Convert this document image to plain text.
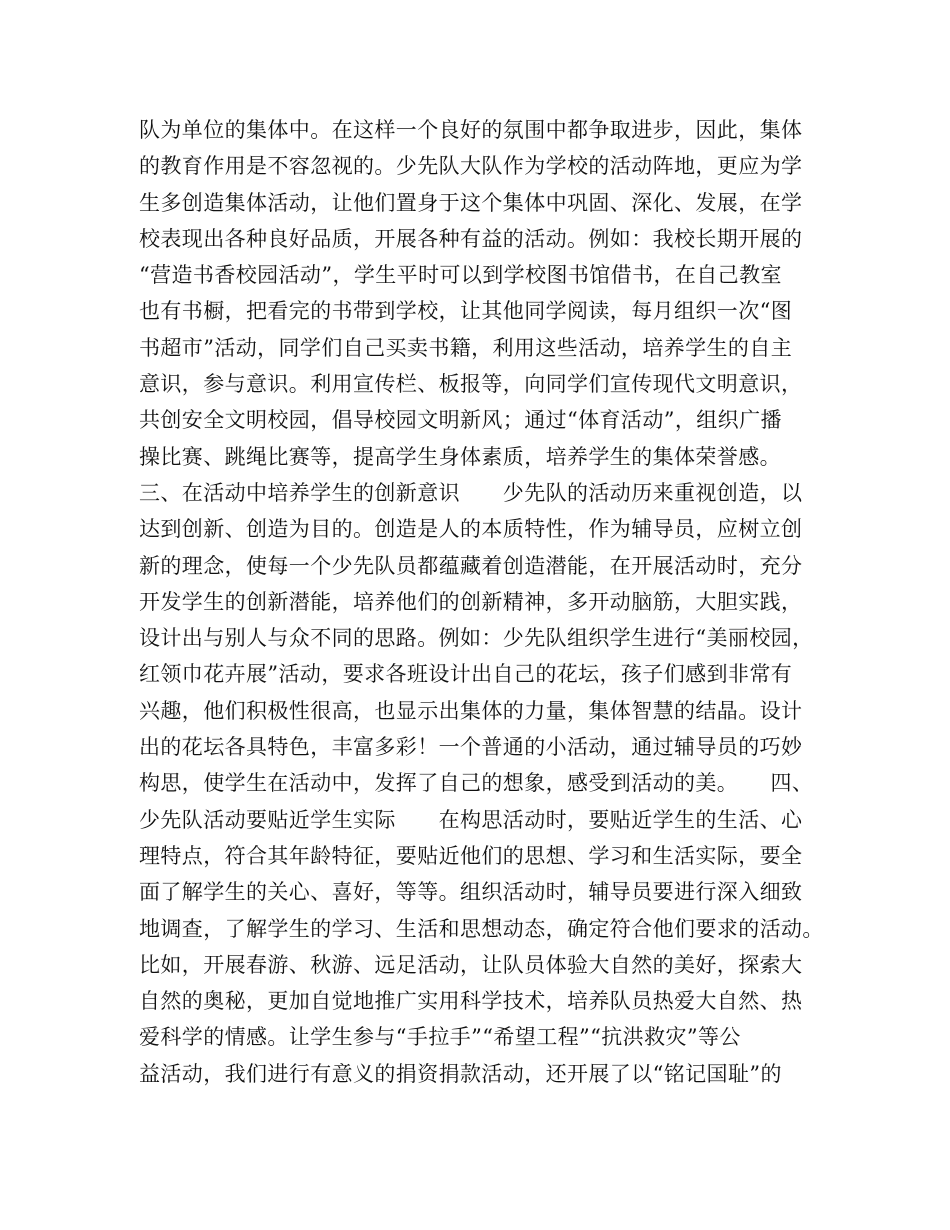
队为单位的集体中。在这样一个良好的氛围中都争取进步，因此，集体
的教育作用是不容忽视的。少先队大队作为学校的活动阵地，更应为学
生多创造集体活动，让他们置身于这个集体中巩固、深化、发展，在学
校表现出各种良好品质，开展各种有益的活动。例如：我校长期开展的
“营造书香校园活动”，学生平时可以到学校图书馆借书，在自己教室
也有书橱，把看完的书带到学校，让其他同学阅读，每月组织一次“图
书超市”活动，同学们自己买卖书籍，利用这些活动，培养学生的自主
意识，参与意识。利用宣传栏、板报等，向同学们宣传现代文明意识，
共创安全文明校园，倡导校园文明新风；通过“体育活动”，组织广播
操比赛、跳绳比赛等，提高学生身体素质，培养学生的集体荣誉感。
三、在活动中培养学生的创新意识　　少先队的活动历来重视创造，以
达到创新、创造为目的。创造是人的本质特性，作为辅导员，应树立创
新的理念，使每一个少先队员都蕴藏着创造潜能，在开展活动时，充分
开发学生的创新潜能，培养他们的创新精神，多开动脑筋，大胆实践，
设计出与别人与众不同的思路。例如：少先队组织学生进行“美丽校园，
红领巾花卉展”活动，要求各班设计出自己的花坛，孩子们感到非常有
兴趣，他们积极性很高，也显示出集体的力量，集体智慧的结晶。设计
出的花坛各具特色，丰富多彩！一个普通的小活动，通过辅导员的巧妙
构思，使学生在活动中，发挥了自己的想象，感受到活动的美。　　四、
少先队活动要贴近学生实际　　在构思活动时，要贴近学生的生活、心
理特点，符合其年龄特征，要贴近他们的思想、学习和生活实际，要全
面了解学生的关心、喜好，等等。组织活动时，辅导员要进行深入细致
地调查，了解学生的学习、生活和思想动态，确定符合他们要求的活动。
比如，开展春游、秋游、远足活动，让队员体验大自然的美好，探索大
自然的奥秘，更加自觉地推广实用科学技术，培养队员热爱大自然、热
爱科学的情感。让学生参与“手拉手”“希望工程”“抗洪救灾”等公
益活动，我们进行有意义的捐资捐款活动，还开展了以“铭记国耻”的
